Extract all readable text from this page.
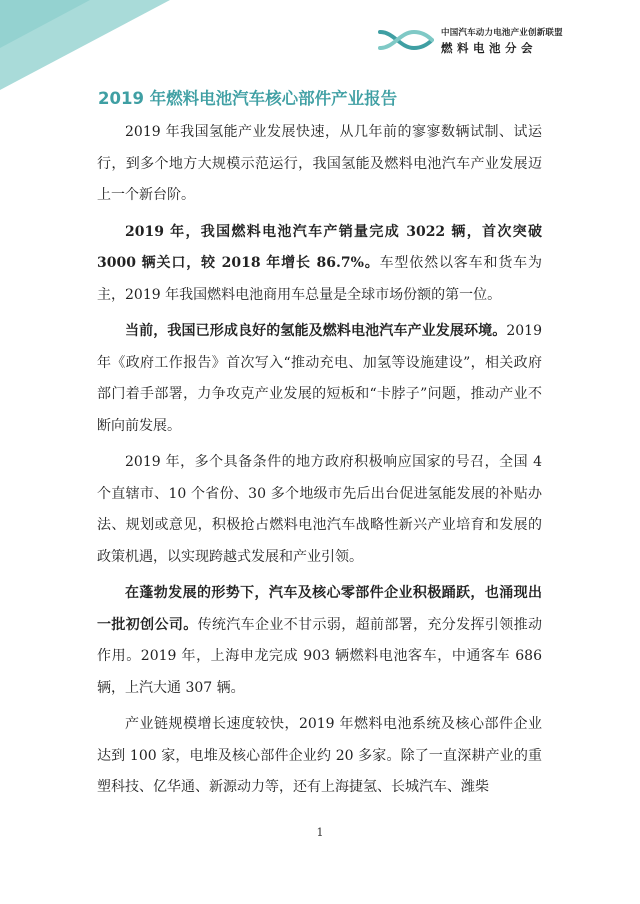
中国汽车动力电池产业创新联盟
燃料电池分会
2019 年燃料电池汽车核心部件产业报告

2019 年我国氢能产业发展快速，从几年前的寥寥数辆试制、试运行，到多个地方大规模示范运行，我国氢能及燃料电池汽车产业发展迈上一个新台阶。

2019 年，我国燃料电池汽车产销量完成 3022 辆，首次突破 3000 辆关口，较 2018 年增长 86.7%。车型依然以客车和货车为主，2019 年我国燃料电池商用车总量是全球市场份额的第一位。

当前，我国已形成良好的氢能及燃料电池汽车产业发展环境。2019 年《政府工作报告》首次写入“推动充电、加氢等设施建设”，相关政府部门着手部署，力争攻克产业发展的短板和“卡脖子”问题，推动产业不断向前发展。

2019 年，多个具备条件的地方政府积极响应国家的号召，全国 4 个直辖市、10 个省份、30 多个地级市先后出台促进氢能发展的补贴办法、规划或意见，积极抢占燃料电池汽车战略性新兴产业培育和发展的政策机遇，以实现跨越式发展和产业引领。

在蓬勃发展的形势下，汽车及核心零部件企业积极踊跃，也涌现出一批初创公司。传统汽车企业不甘示弱，超前部署，充分发挥引领推动作用。2019 年，上海申龙完成 903 辆燃料电池客车，中通客车 686 辆，上汽大通 307 辆。

产业链规模增长速度较快，2019 年燃料电池系统及核心部件企业达到 100 家，电堆及核心部件企业约 20 多家。除了一直深耕产业的重塑科技、亿华通、新源动力等，还有上海捷氢、长城汽车、潍柴

1
